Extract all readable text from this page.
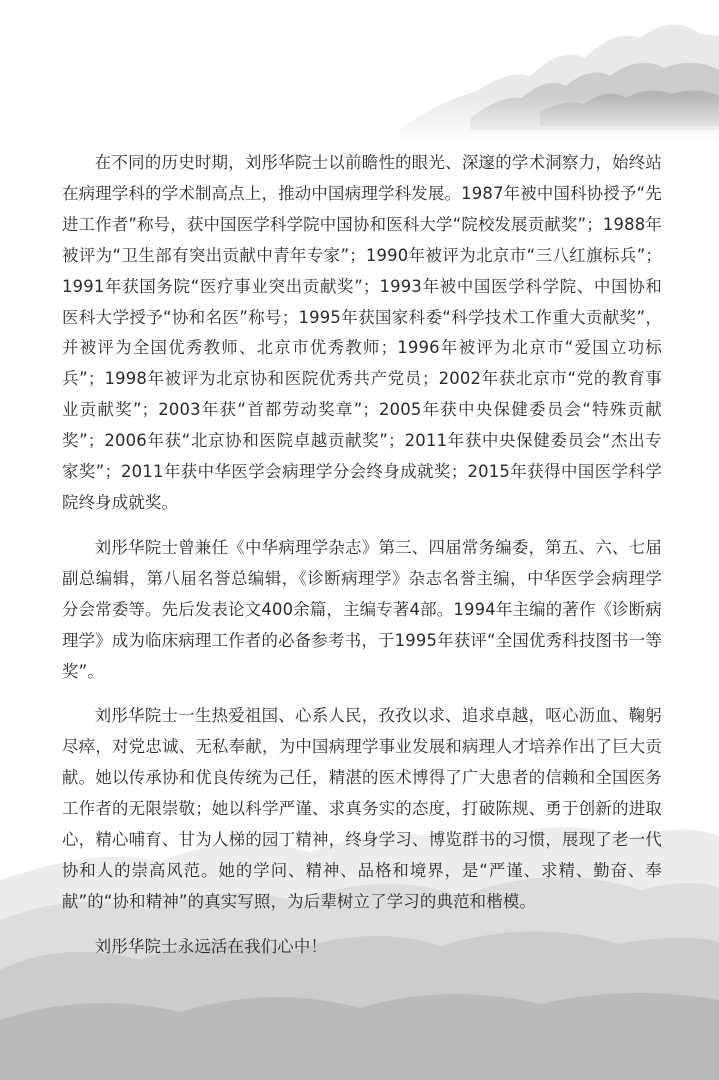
在不同的历史时期，刘彤华院士以前瞻性的眼光、深邃的学术洞察力，始终站在病理学科的学术制高点上，推动中国病理学科发展。1987年被中国科协授予“先进工作者”称号，获中国医学科学院中国协和医科大学“院校发展贡献奖”；1988年被评为“卫生部有突出贡献中青年专家”；1990年被评为北京市“三八红旗标兵”；1991年获国务院“医疗事业突出贡献奖”；1993年被中国医学科学院、中国协和医科大学授予“协和名医”称号；1995年获国家科委“科学技术工作重大贡献奖”，并被评为全国优秀教师、北京市优秀教师；1996年被评为北京市“爱国立功标兵”；1998年被评为北京协和医院优秀共产党员；2002年获北京市“党的教育事业贡献奖”；2003年获“首都劳动奖章”；2005年获中央保健委员会“特殊贡献奖”；2006年获“北京协和医院卓越贡献奖”；2011年获中央保健委员会“杰出专家奖”；2011年获中华医学会病理学分会终身成就奖；2015年获得中国医学科学院终身成就奖。

刘彤华院士曾兼任《中华病理学杂志》第三、四届常务编委，第五、六、七届副总编辑，第八届名誉总编辑，《诊断病理学》杂志名誉主编，中华医学会病理学分会常委等。先后发表论文400余篇，主编专著4部。1994年主编的著作《诊断病理学》成为临床病理工作者的必备参考书，于1995年获评“全国优秀科技图书一等奖”。

刘彤华院士一生热爱祖国、心系人民，孜孜以求、追求卓越，呕心沥血、鞠躬尽瘁，对党忠诚、无私奉献，为中国病理学事业发展和病理人才培养作出了巨大贡献。她以传承协和优良传统为己任，精湛的医术博得了广大患者的信赖和全国医务工作者的无限崇敬；她以科学严谨、求真务实的态度，打破陈规、勇于创新的进取心，精心哺育、甘为人梯的园丁精神，终身学习、博览群书的习惯，展现了老一代协和人的崇高风范。她的学问、精神、品格和境界，是“严谨、求精、勤奋、奉献”的“协和精神”的真实写照，为后辈树立了学习的典范和楷模。

刘彤华院士永远活在我们心中！
